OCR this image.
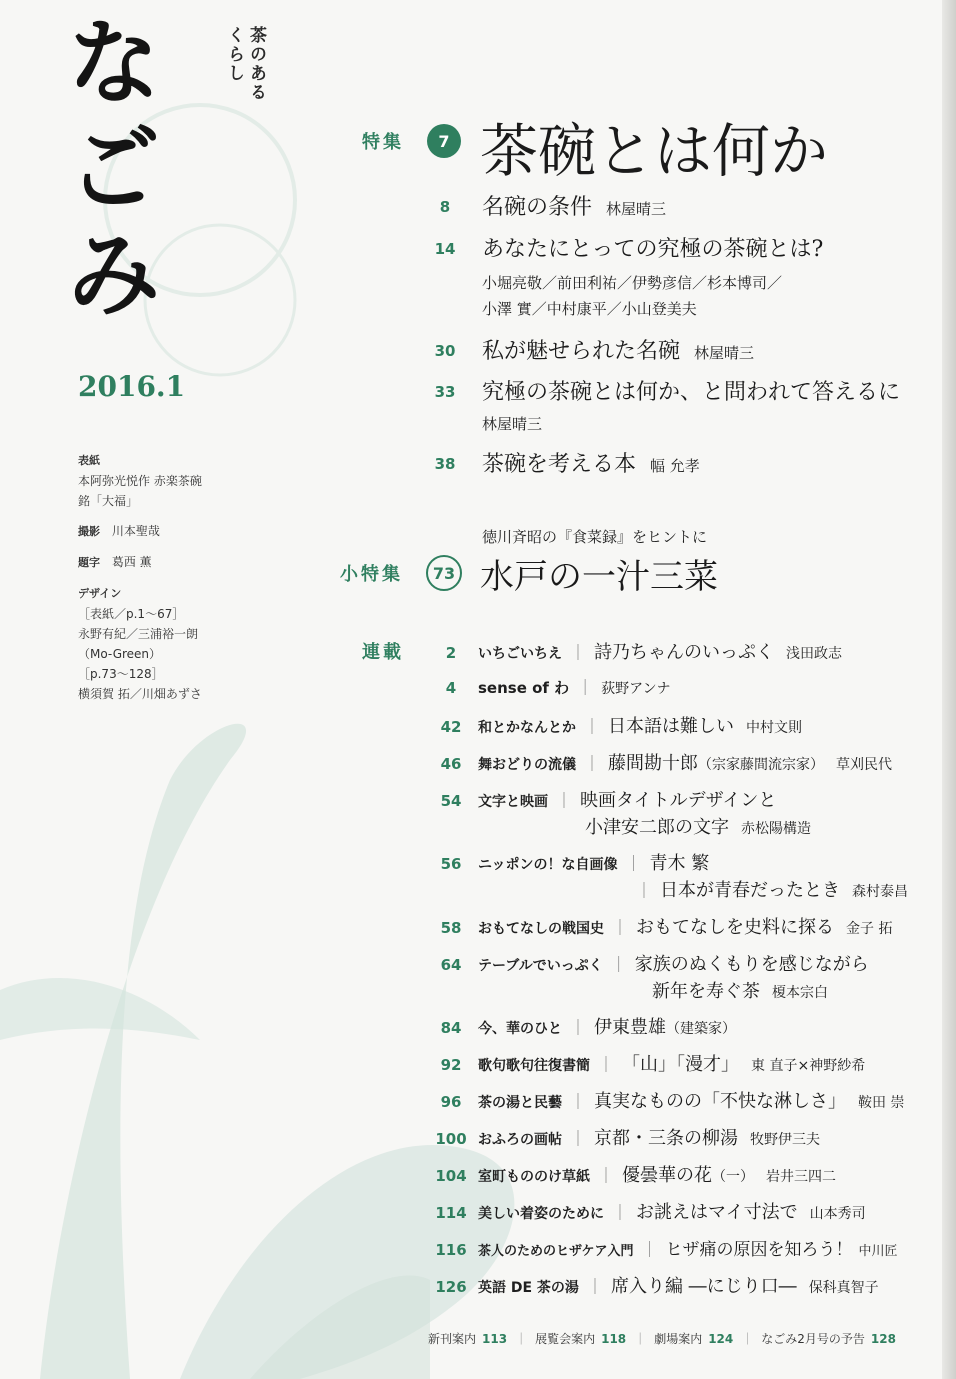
な
ご
み
茶のある
くらし
2016.1
表紙
本阿弥光悦作 赤楽茶碗
銘「大福」
撮影 川本聖哉
題字 葛西 薫
デザイン
［表紙／p.1〜67］
永野有紀／三浦裕一朗
（Mo-Green）
［p.73〜128］
横須賀 拓／川畑あずさ
特集	7 茶碗とは何か
8	名碗の条件 林屋晴三
14	あなたにとっての究極の茶碗とは?
小堀亮敬／前田利祐／伊勢彦信／杉本博司／
小澤 實／中村康平／小山登美夫
30	私が魅せられた名碗 林屋晴三
33	究極の茶碗とは何か、と問われて答えるに
林屋晴三
38	茶碗を考える本 幅 允孝
徳川斉昭の『食菜録』をヒントに
小特集	73 水戸の一汁三菜
連載	2 いちごいちえ ｜ 詩乃ちゃんのいっぷく 浅田政志
4 sense of わ ｜ 荻野アンナ
42 和とかなんとか ｜ 日本語は難しい 中村文則
46 舞おどりの流儀 ｜ 藤間勘十郎（宗家藤間流宗家） 草刈民代
54 文字と映画 ｜ 映画タイトルデザインと
小津安二郎の文字 赤松陽構造
56 ニッポンの！な自画像 ｜ 青木 繁
｜ 日本が青春だったとき 森村泰昌
58 おもてなしの戦国史 ｜ おもてなしを史料に探る 金子 拓
64 テーブルでいっぷく ｜ 家族のぬくもりを感じながら
新年を寿ぐ茶 榎本宗白
84 今、華のひと ｜ 伊東豊雄（建築家）
92 歌句歌句往復書簡 ｜ 「山」「漫才」 東 直子×神野紗希
96 茶の湯と民藝 ｜ 真実なものの「不快な淋しさ」 鞍田 崇
100 おふろの画帖 ｜ 京都・三条の柳湯 牧野伊三夫
104 室町もののけ草紙 ｜ 優曇華の花（一） 岩井三四二
114 美しい着姿のために ｜ お誂えはマイ寸法で 山本秀司
116 茶人のためのヒザケア入門 ｜ ヒザ痛の原因を知ろう！ 中川匠
126 英語 DE 茶の湯 ｜ 席入り編 ―にじり口― 保科真智子
新刊案内 113 ｜ 展覧会案内 118 ｜ 劇場案内 124 ｜ なごみ2月号の予告 128
